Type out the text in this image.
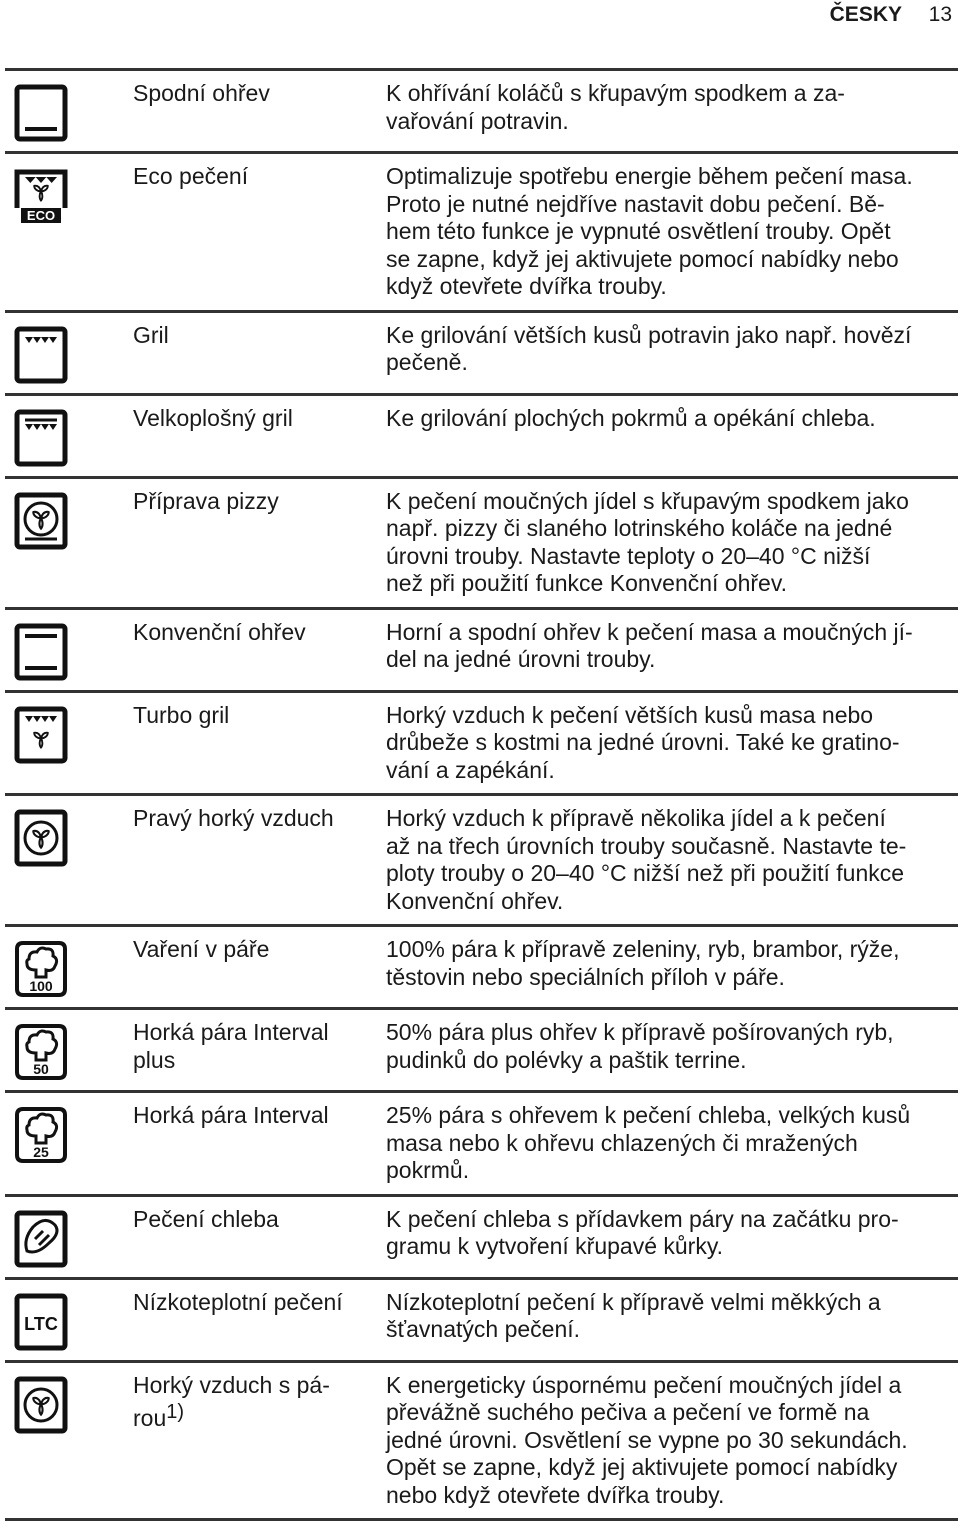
ČESKY 13
	Spodní ohřev	K ohřívání koláčů s křupavým spodkem a za-
vařování potravin.

ECO	Eco pečení	Optimalizuje spotřebu energie během pečení masa.
Proto je nutné nejdříve nastavit dobu pečení. Bě-
hem této funkce je vypnuté osvětlení trouby. Opět
se zapne, když jej aktivujete pomocí nabídky nebo
když otevřete dvířka trouby.

	Gril	Ke grilování větších kusů potravin jako např. hovězí
pečeně.

	Velkoplošný gril	Ke grilování plochých pokrmů a opékání chleba.

	Příprava pizzy	K pečení moučných jídel s křupavým spodkem jako
např. pizzy či slaného lotrinského koláče na jedné
úrovni trouby. Nastavte teploty o 20–40 °C nižší
než při použití funkce Konvenční ohřev.

	Konvenční ohřev	Horní a spodní ohřev k pečení masa a moučných jí-
del na jedné úrovni trouby.

	Turbo gril	Horký vzduch k pečení větších kusů masa nebo
drůbeže s kostmi na jedné úrovni. Také ke gratino-
vání a zapékání.

	Pravý horký vzduch	Horký vzduch k přípravě několika jídel a k pečení
až na třech úrovních trouby současně. Nastavte te-
ploty trouby o 20–40 °C nižší než při použití funkce
Konvenční ohřev.

100	Vaření v páře	100% pára k přípravě zeleniny, ryb, brambor, rýže,
těstovin nebo speciálních příloh v páře.

50	Horká pára Interval
plus	50% pára plus ohřev k přípravě pošírovaných ryb,
pudinků do polévky a paštik terrine.

25	Horká pára Interval	25% pára s ohřevem k pečení chleba, velkých kusů
masa nebo k ohřevu chlazených či mražených
pokrmů.

	Pečení chleba	K pečení chleba s přídavkem páry na začátku pro-
gramu k vytvoření křupavé kůrky.

LTC	Nízkoteplotní pečení	Nízkoteplotní pečení k přípravě velmi měkkých a
šťavnatých pečení.

	Horký vzduch s pá-
rou$^{1)}$	K energeticky úspornému pečení moučných jídel a
převážně suchého pečiva a pečení ve formě na
jedné úrovni. Osvětlení se vypne po 30 sekundách.
Opět se zapne, když jej aktivujete pomocí nabídky
nebo když otevřete dvířka trouby.
